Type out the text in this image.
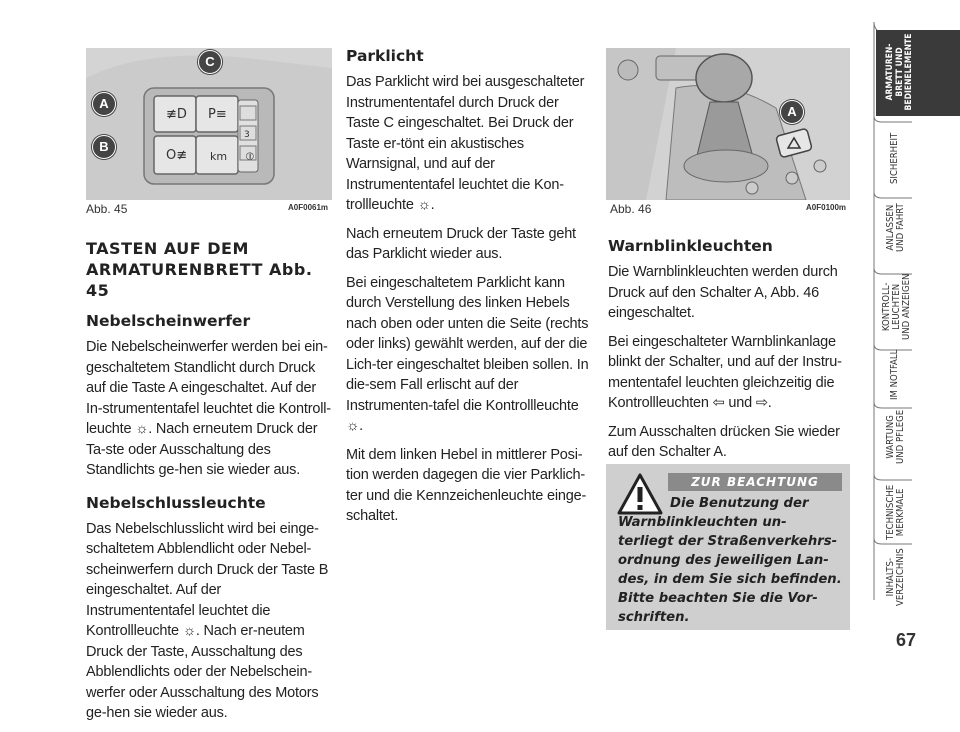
≢D P≡
O≢
3
km ⦶
C
A
B
Abb. 45	A0F0061m
TASTEN AUF DEM
ARMATURENBRETT Abb. 45
Nebelscheinwerfer

Die Nebelscheinwerfer werden bei ein-geschaltetem Standlicht durch Druck auf die Taste A eingeschaltet. Auf der In-strumententafel leuchtet die Kontroll-leuchte ☼. Nach erneutem Druck der Ta-ste oder Ausschaltung des Standlichts ge-hen sie wieder aus.

Nebelschlussleuchte

Das Nebelschlusslicht wird bei einge-schaltetem Abblendlicht oder Nebel-scheinwerfern durch Druck der Taste B eingeschaltet. Auf der Instrumententafel leuchtet die Kontrollleuchte ☼. Nach er-neutem Druck der Taste, Ausschaltung des Abblendlichts oder der Nebelschein-werfer oder Ausschaltung des Motors ge-hen sie wieder aus.

Parklicht

Das Parklicht wird bei ausgeschalteter Instrumententafel durch Druck der Taste C eingeschaltet. Bei Druck der Taste er-tönt ein akustisches Warnsignal, und auf der Instrumententafel leuchtet die Kon-trollleuchte ☼.

Nach erneutem Druck der Taste geht das Parklicht wieder aus.

Bei eingeschaltetem Parklicht kann durch Verstellung des linken Hebels nach oben oder unten die Seite (rechts oder links) gewählt werden, auf der die Lich-ter eingeschaltet bleiben sollen. In die-sem Fall erlischt auf der Instrumenten-tafel die Kontrollleuchte ☼.

Mit dem linken Hebel in mittlerer Posi-tion werden dagegen die vier Parklich-ter und die Kennzeichenleuchte einge-schaltet.

A
Abb. 46	A0F0100m
Warnblinkleuchten

Die Warnblinkleuchten werden durch Druck auf den Schalter A, Abb. 46 eingeschaltet.

Bei eingeschalteter Warnblinkanlage blinkt der Schalter, und auf der Instru-mententafel leuchten gleichzeitig die Kontrollleuchten ⇦ und ⇨.

Zum Ausschalten drücken Sie wieder auf den Schalter A.

ZUR BEACHTUNG
Die Benutzung der Warnblinkleuchten un-terliegt der Straßenverkehrs-ordnung des jeweiligen Lan-des, in dem Sie sich befinden. Bitte beachten Sie die Vor-schriften.
ARMATUREN-
BRETT UND
BEDIENELEMENTE
SICHERHEIT
ANLASSEN
UND FAHRT
KONTROLL-
LEUCHTEN
UND ANZEIGEN
IM NOTFALL
WARTUNG
UND PFLEGE
TECHNISCHE
MERKMALE
INHALTS-
VERZEICHNIS
67
